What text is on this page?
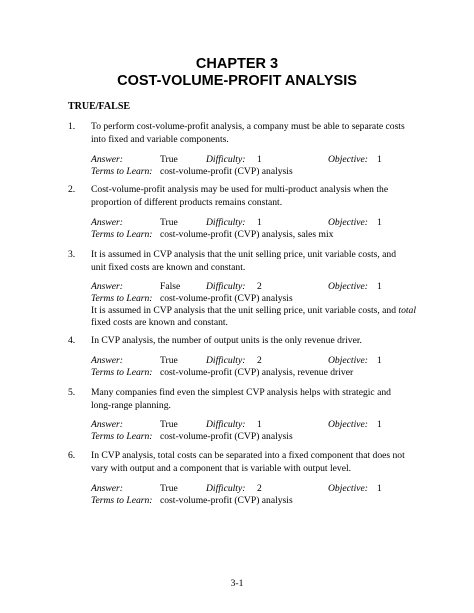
CHAPTER 3
COST-VOLUME-PROFIT ANALYSIS
TRUE/FALSE
1. To perform cost-volume-profit analysis, a company must be able to separate costs into fixed and variable components.
Answer:	True	Difficulty: 1	Objective: 1
Terms to Learn: cost-volume-profit (CVP) analysis
2. Cost-volume-profit analysis may be used for multi-product analysis when the proportion of different products remains constant.
Answer:	True	Difficulty: 1	Objective: 1
Terms to Learn: cost-volume-profit (CVP) analysis, sales mix
3. It is assumed in CVP analysis that the unit selling price, unit variable costs, and unit fixed costs are known and constant.
Answer:	False	Difficulty: 2	Objective: 1
Terms to Learn: cost-volume-profit (CVP) analysis
It is assumed in CVP analysis that the unit selling price, unit variable costs, and total fixed costs are known and constant.
4. In CVP analysis, the number of output units is the only revenue driver.
Answer:	True	Difficulty: 2	Objective: 1
Terms to Learn: cost-volume-profit (CVP) analysis, revenue driver
5. Many companies find even the simplest CVP analysis helps with strategic and long-range planning.
Answer:	True	Difficulty: 1	Objective: 1
Terms to Learn: cost-volume-profit (CVP) analysis
6. In CVP analysis, total costs can be separated into a fixed component that does not vary with output and a component that is variable with output level.
Answer:	True	Difficulty: 2	Objective: 1
Terms to Learn: cost-volume-profit (CVP) analysis
3-1
